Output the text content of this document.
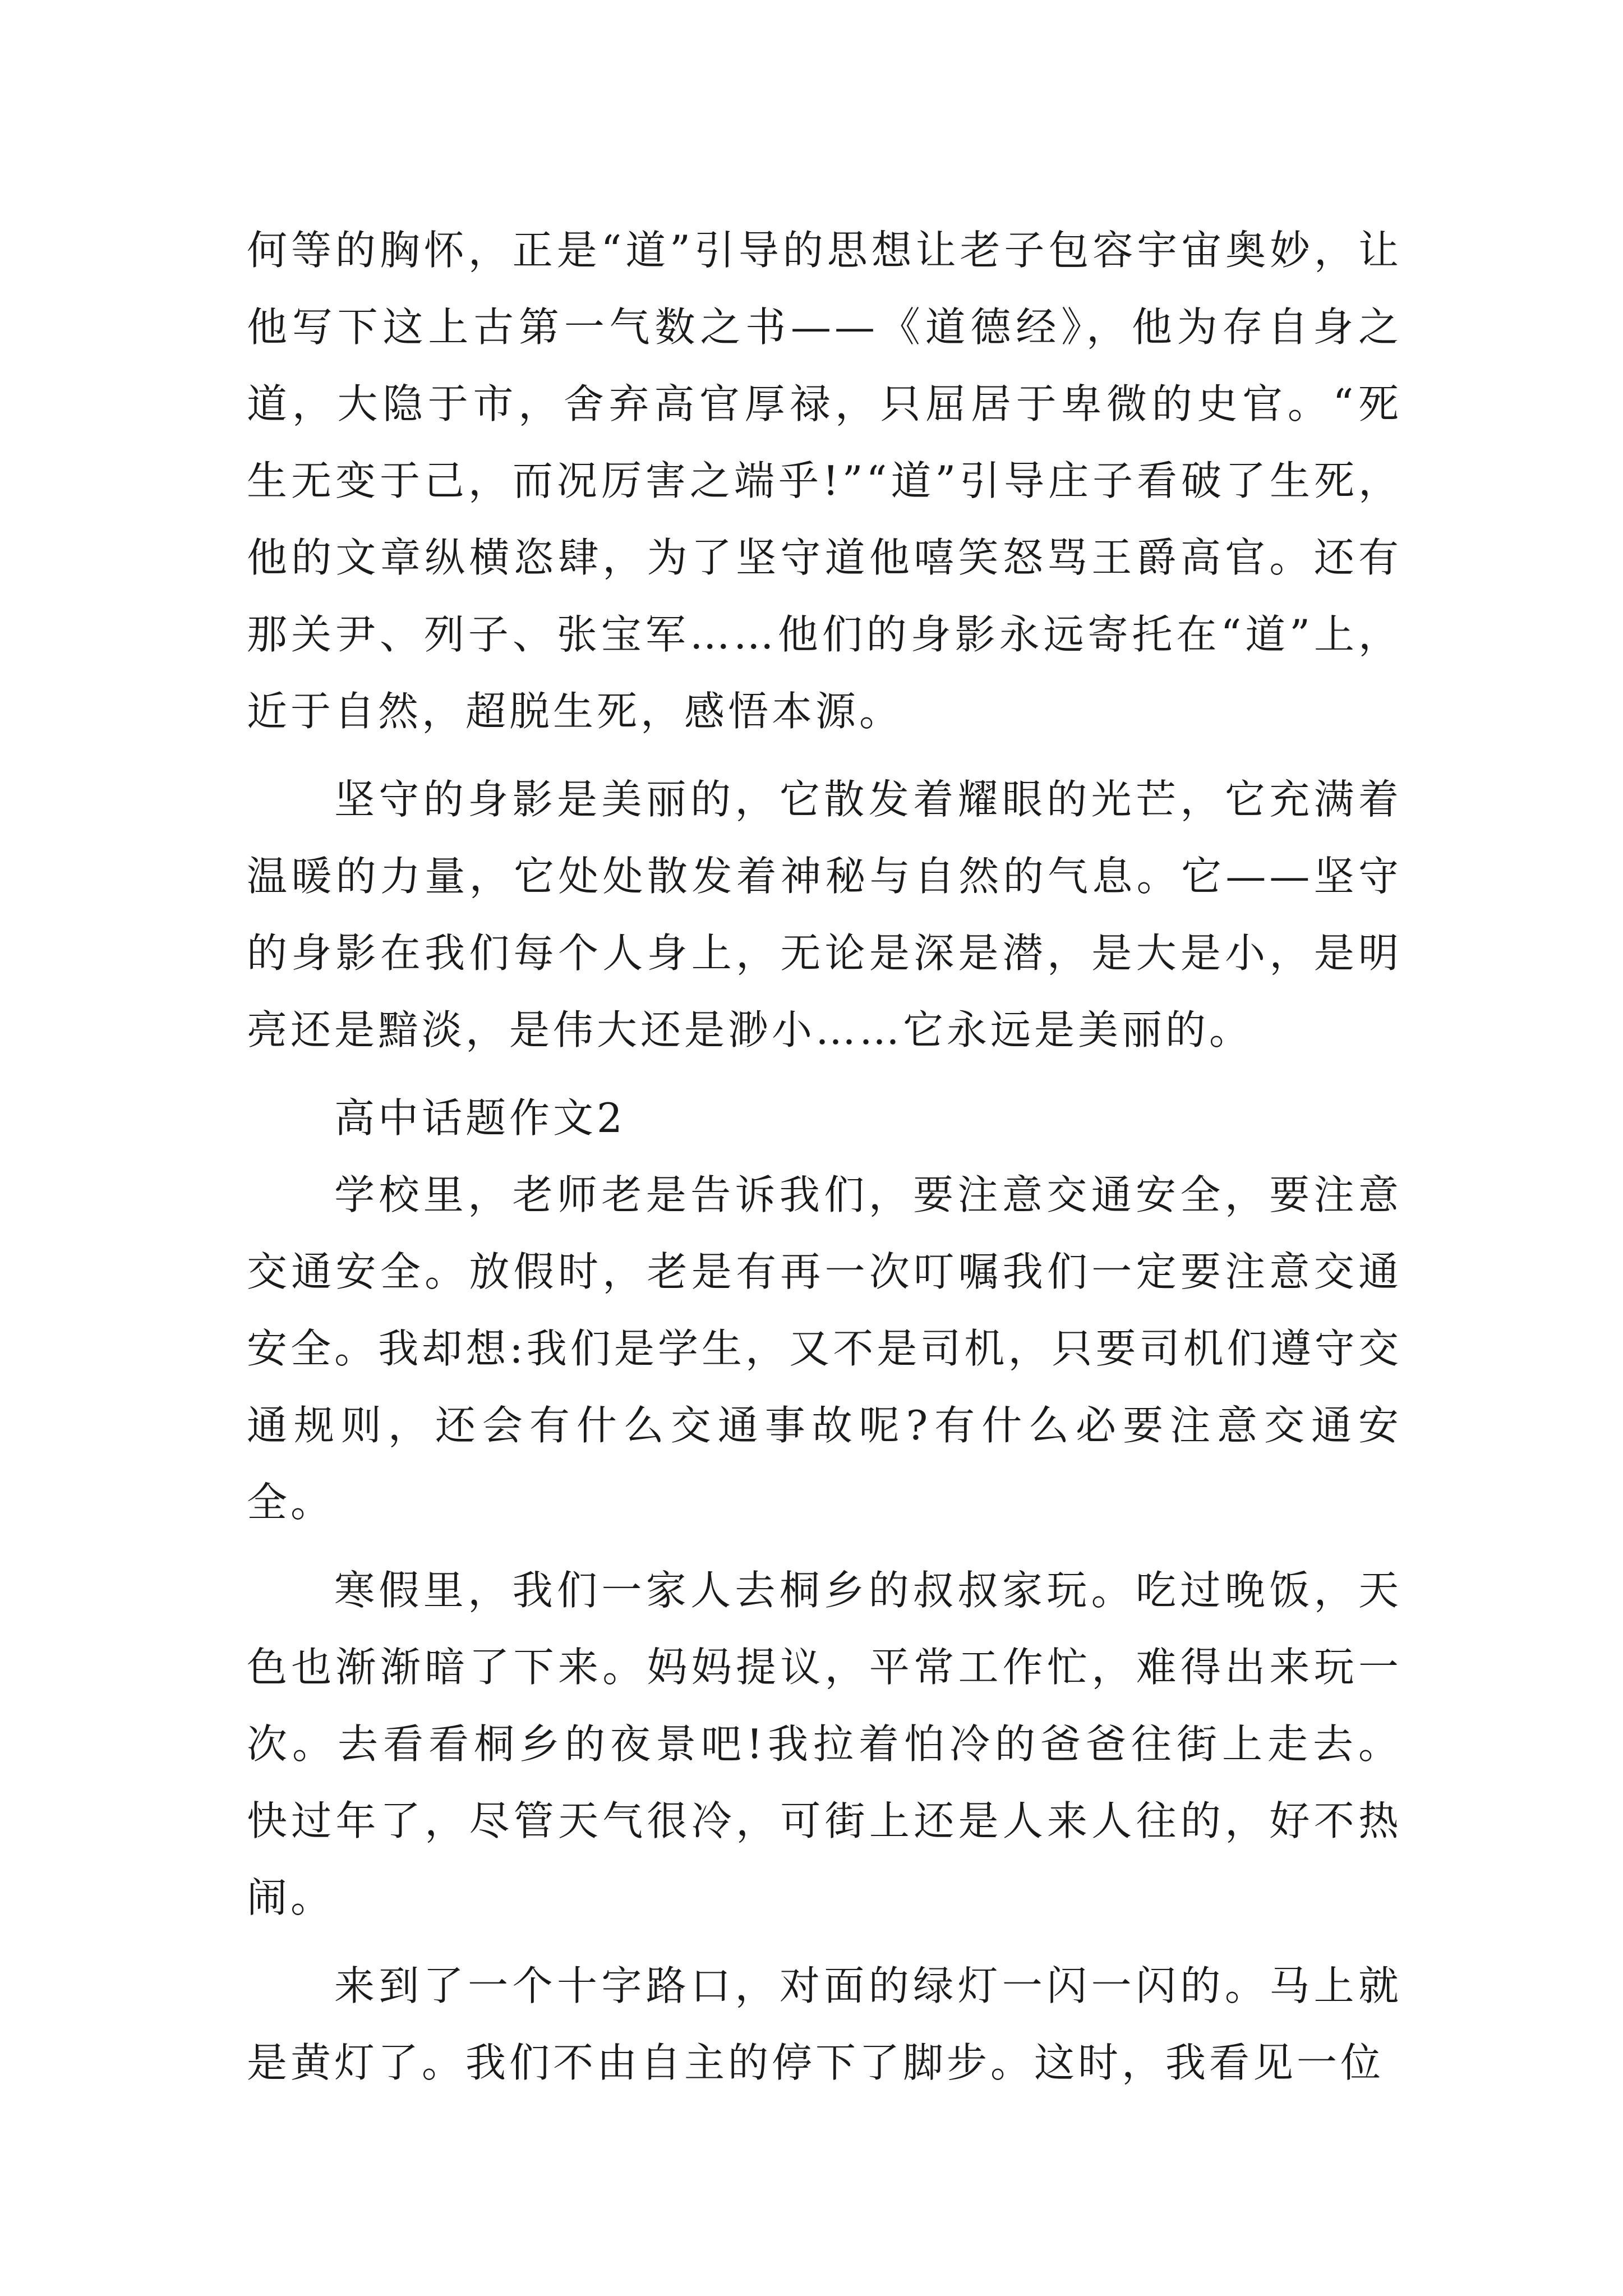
何等的胸怀，正是“道”引导的思想让老子包容宇宙奥妙，让他写下这上古第一气数之书——《道德经》，他为存自身之道，大隐于市，舍弃高官厚禄，只屈居于卑微的史官。“死生无变于己，而况厉害之端乎!”“道”引导庄子看破了生死，他的文章纵横恣肆，为了坚守道他嘻笑怒骂王爵高官。还有那关尹、列子、张宝军……他们的身影永远寄托在“道”上，近于自然，超脱生死，感悟本源。

坚守的身影是美丽的，它散发着耀眼的光芒，它充满着温暖的力量，它处处散发着神秘与自然的气息。它——坚守的身影在我们每个人身上，无论是深是潜，是大是小，是明亮还是黯淡，是伟大还是渺小……它永远是美丽的。

高中话题作文2

学校里，老师老是告诉我们，要注意交通安全，要注意交通安全。放假时，老是有再一次叮嘱我们一定要注意交通安全。我却想:我们是学生，又不是司机，只要司机们遵守交通规则，还会有什么交通事故呢?有什么必要注意交通安全。

寒假里，我们一家人去桐乡的叔叔家玩。吃过晚饭，天色也渐渐暗了下来。妈妈提议，平常工作忙，难得出来玩一次。去看看桐乡的夜景吧!我拉着怕冷的爸爸往街上走去。快过年了，尽管天气很冷，可街上还是人来人往的，好不热闹。

来到了一个十字路口，对面的绿灯一闪一闪的。马上就是黄灯了。我们不由自主的停下了脚步。这时，我看见一位
